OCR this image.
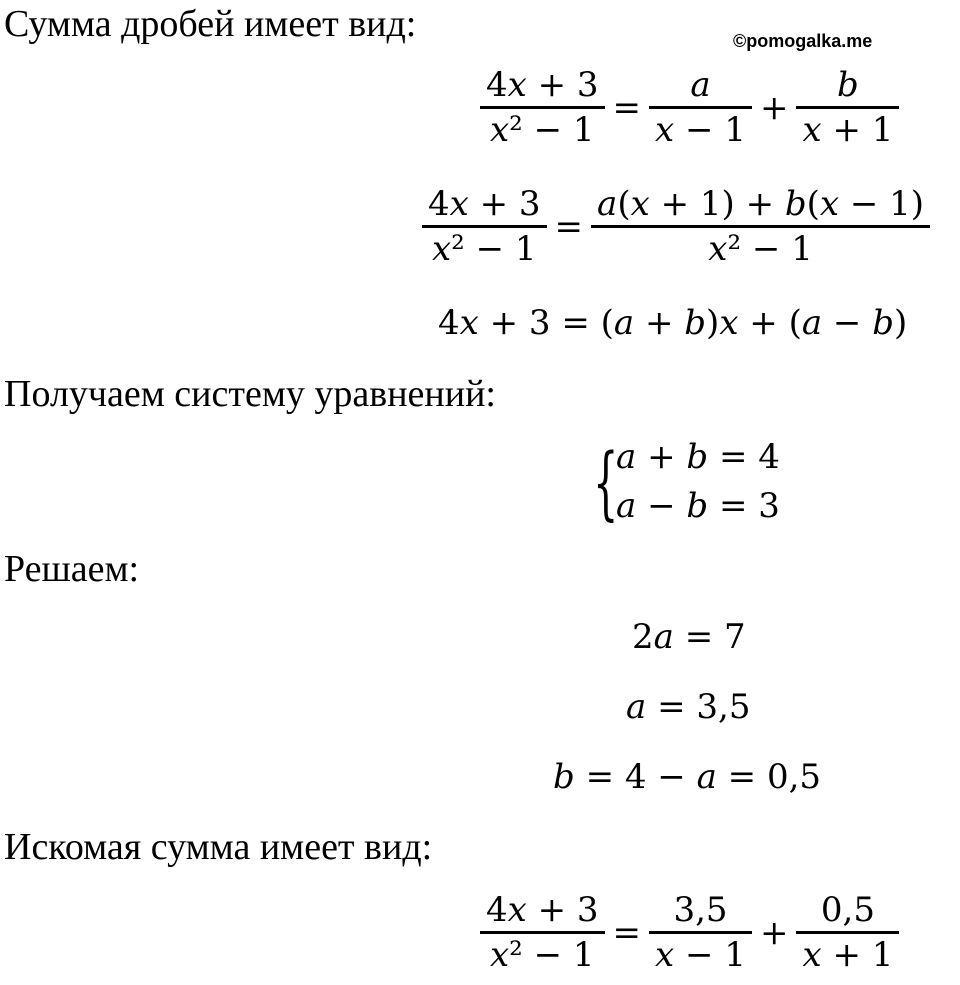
Сумма дробей имеет вид:	©pomogalka.me
$\frac{\text{4𝑥 + 3}}{\text{𝑥² − 1}} = \frac{\text{𝑎}}{\text{𝑥 − 1}} + \frac{\text{𝑏}}{\text{𝑥 + 1}}$
$\frac{\text{4𝑥 + 3}}{\text{𝑥² − 1}} = \frac{\text{𝑎(𝑥 + 1) + 𝑏(𝑥 − 1)}}{\text{𝑥² − 1}}$
4𝑥 + 3 = (𝑎 + 𝑏)𝑥 + (𝑎 − 𝑏)
Получаем систему уравнений:
{
𝑎 + 𝑏 = 4
𝑎 − 𝑏 = 3
Решаем:
2𝑎 = 7
𝑎 = 3,5
𝑏 = 4 − 𝑎 = 0,5
Искомая сумма имеет вид:
$\frac{\text{4𝑥 + 3}}{\text{𝑥² − 1}} = \frac{3,5}{\text{𝑥 − 1}} + \frac{0,5}{\text{𝑥 + 1}}$
